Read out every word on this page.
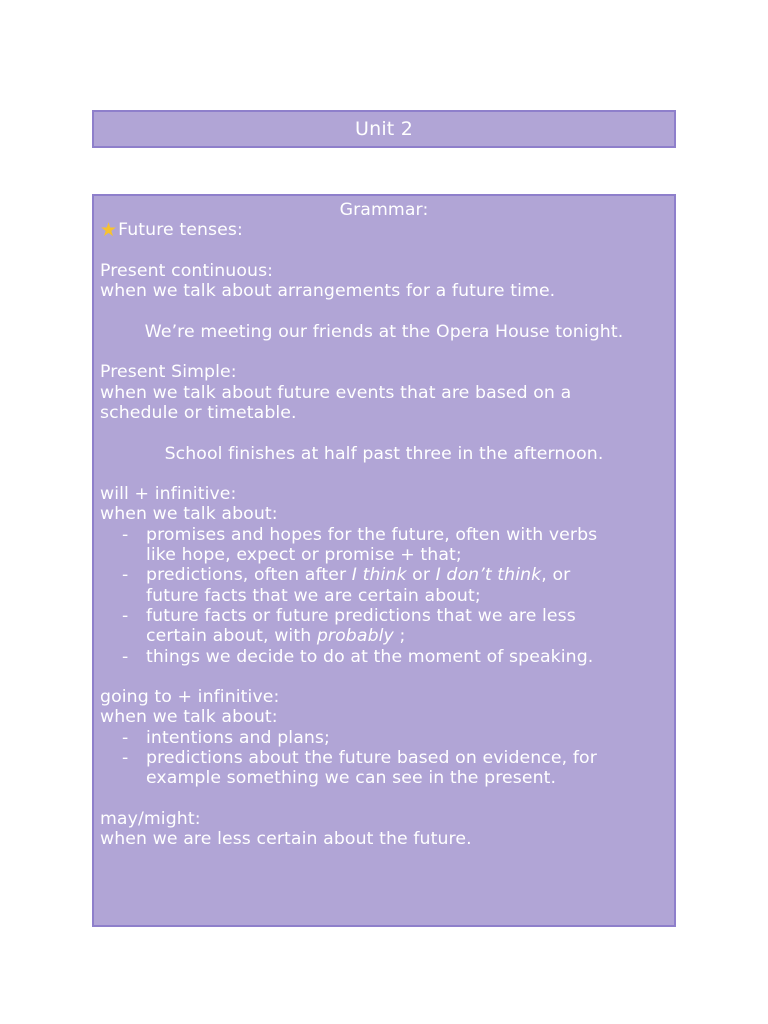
Unit 2
Grammar:
★Future tenses:
Present continuous:
when we talk about arrangements for a future time.
We’re meeting our friends at the Opera House tonight.
Present Simple:
when we talk about future events that are based on a
schedule or timetable.
School finishes at half past three in the afternoon.
will + infinitive:
when we talk about:
- promises and hopes for the future, often with verbs
like hope, expect or promise + that;
- predictions, often after I think or I don’t think, or
future facts that we are certain about;
- future facts or future predictions that we are less
certain about, with probably ;
- things we decide to do at the moment of speaking.
going to + infinitive:
when we talk about:
- intentions and plans;
- predictions about the future based on evidence, for
example something we can see in the present.
may/might:
when we are less certain about the future.
